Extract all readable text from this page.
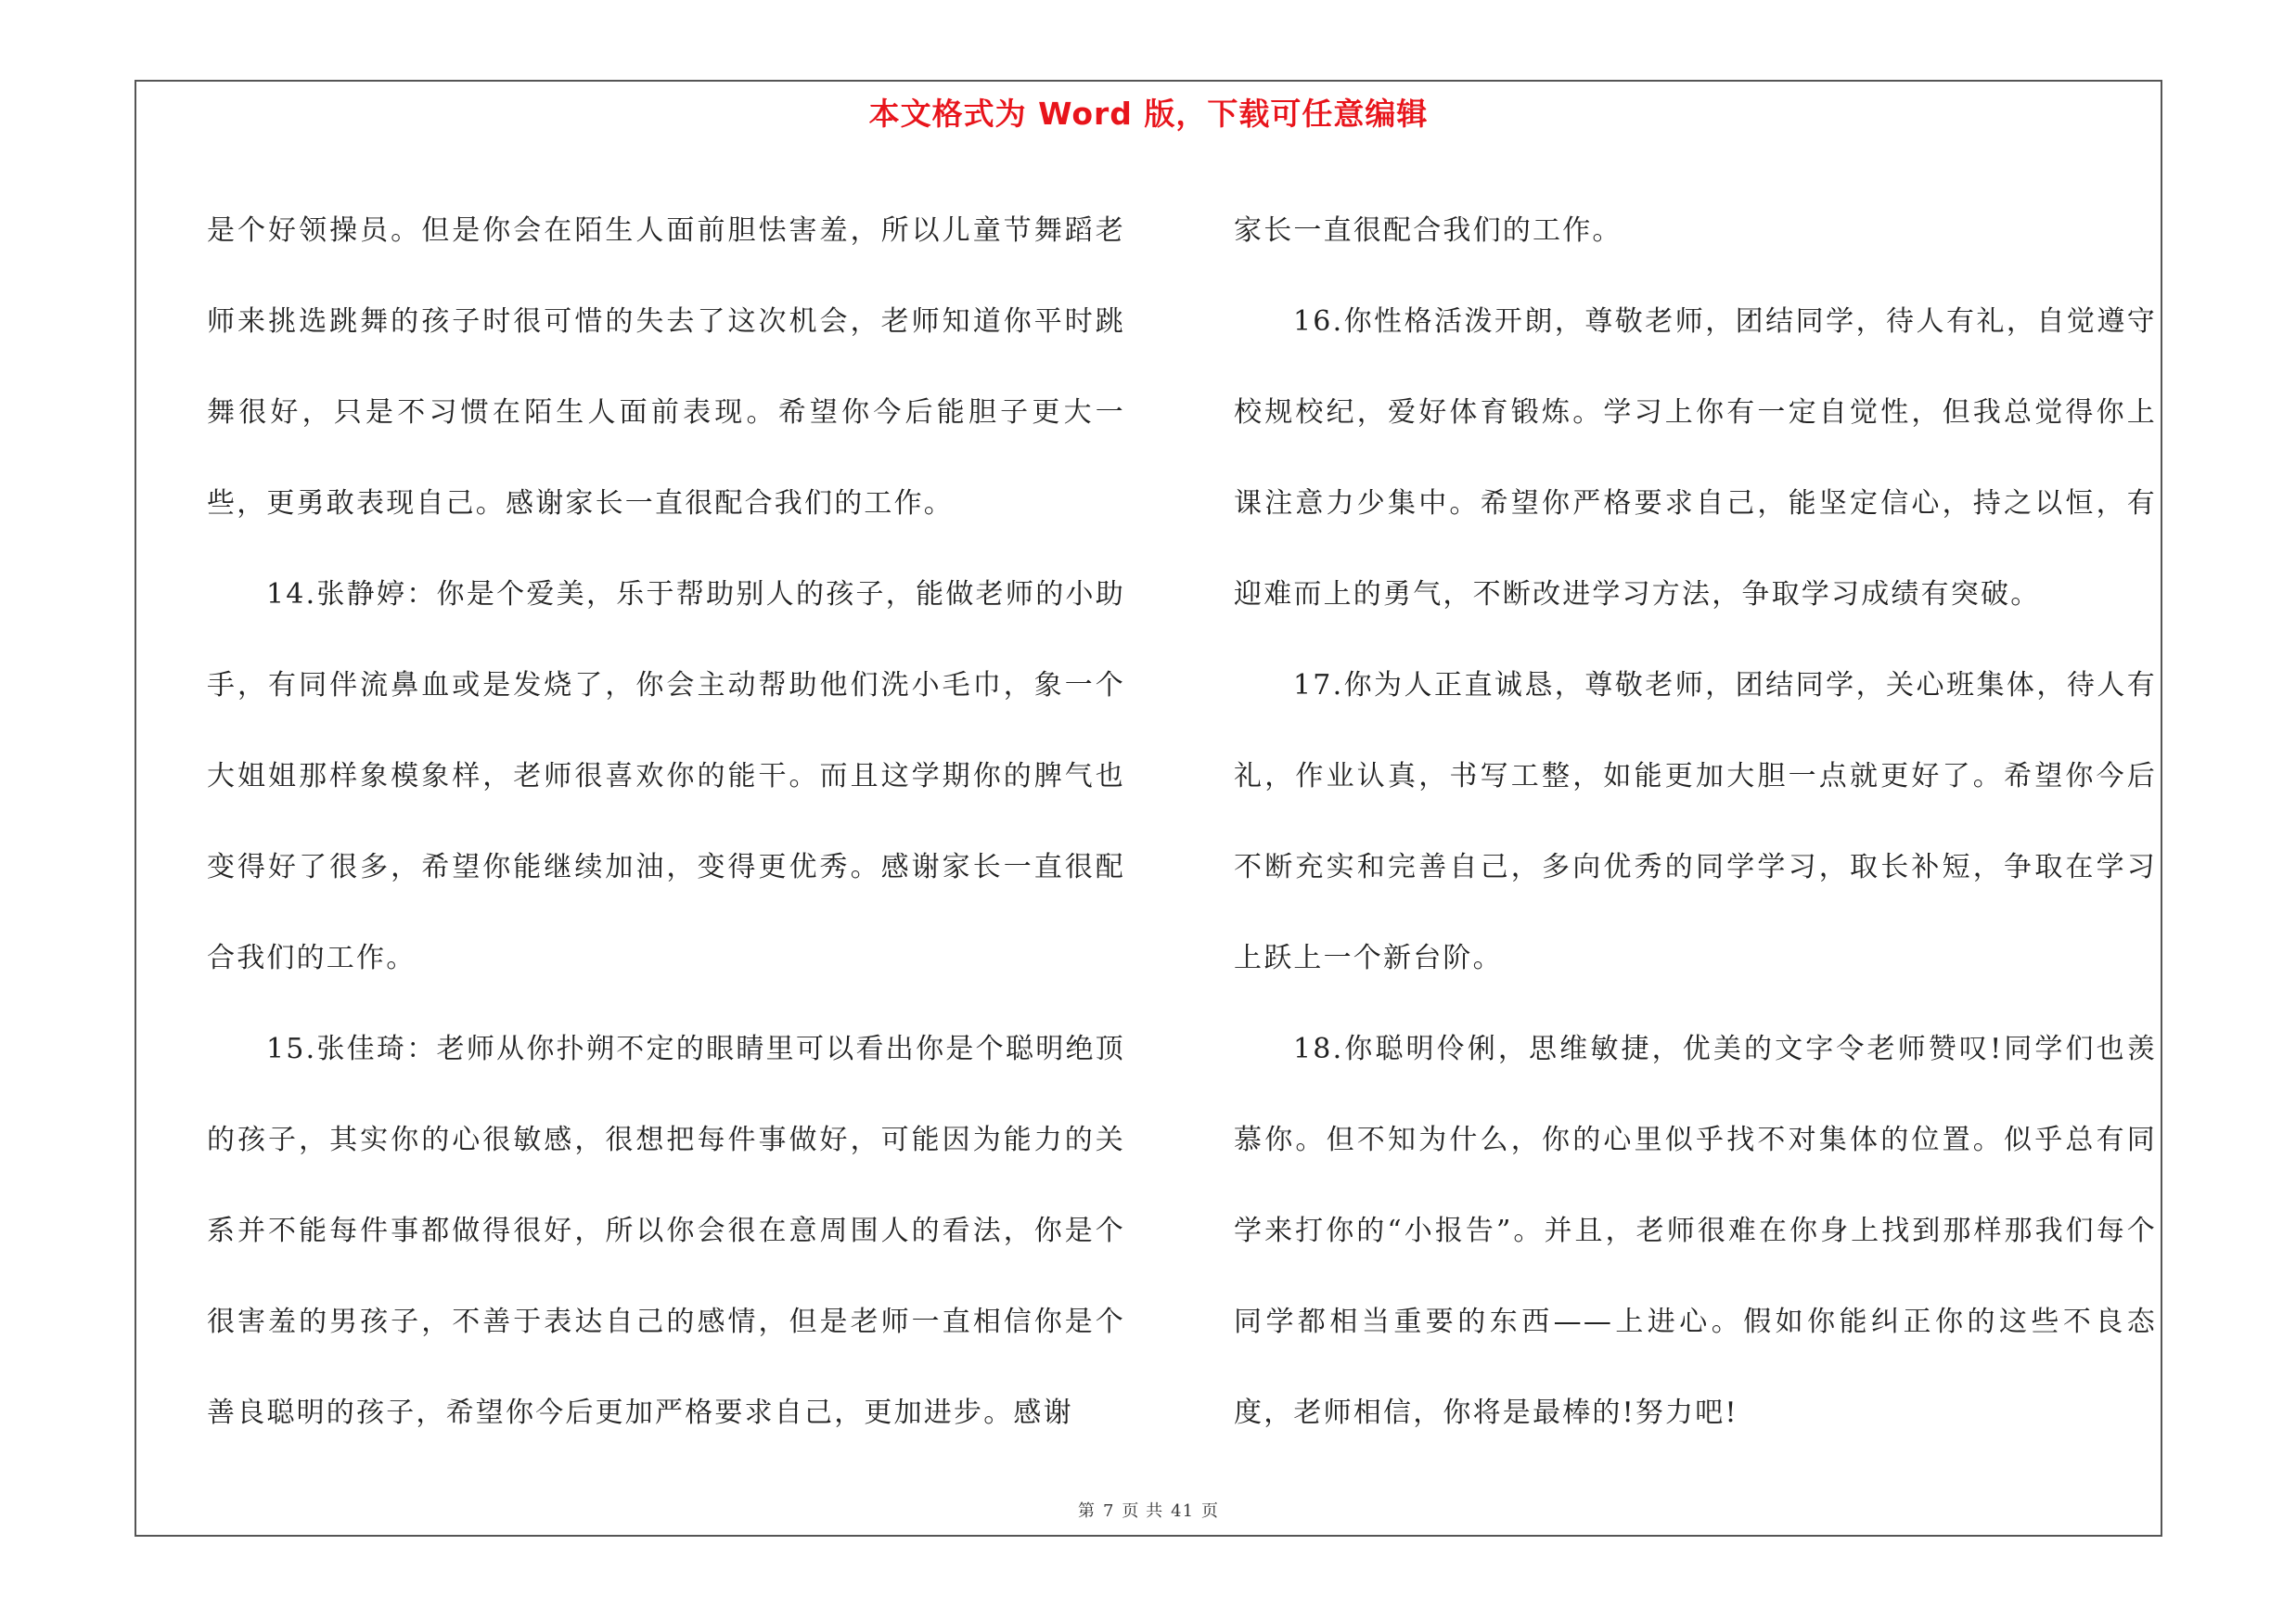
本文格式为 Word 版，下载可任意编辑

是个好领操员。但是你会在陌生人面前胆怯害羞，所以儿童节舞蹈老师来挑选跳舞的孩子时很可惜的失去了这次机会，老师知道你平时跳舞很好，只是不习惯在陌生人面前表现。希望你今后能胆子更大一些，更勇敢表现自己。感谢家长一直很配合我们的工作。

14.张静婷：你是个爱美，乐于帮助别人的孩子，能做老师的小助手，有同伴流鼻血或是发烧了，你会主动帮助他们洗小毛巾，象一个大姐姐那样象模象样，老师很喜欢你的能干。而且这学期你的脾气也变得好了很多，希望你能继续加油，变得更优秀。感谢家长一直很配合我们的工作。

15.张佳琦：老师从你扑朔不定的眼睛里可以看出你是个聪明绝顶的孩子，其实你的心很敏感，很想把每件事做好，可能因为能力的关系并不能每件事都做得很好，所以你会很在意周围人的看法，你是个很害羞的男孩子，不善于表达自己的感情，但是老师一直相信你是个善良聪明的孩子，希望你今后更加严格要求自己，更加进步。感谢

家长一直很配合我们的工作。

16.你性格活泼开朗，尊敬老师，团结同学，待人有礼，自觉遵守校规校纪，爱好体育锻炼。学习上你有一定自觉性，但我总觉得你上课注意力少集中。希望你严格要求自己，能坚定信心，持之以恒，有迎难而上的勇气，不断改进学习方法，争取学习成绩有突破。

17.你为人正直诚恳，尊敬老师，团结同学，关心班集体，待人有礼，作业认真，书写工整，如能更加大胆一点就更好了。希望你今后不断充实和完善自己，多向优秀的同学学习，取长补短，争取在学习上跃上一个新台阶。

18.你聪明伶俐，思维敏捷，优美的文字令老师赞叹!同学们也羡慕你。但不知为什么，你的心里似乎找不对集体的位置。似乎总有同学来打你的“小报告”。并且，老师很难在你身上找到那样那我们每个同学都相当重要的东西——上进心。假如你能纠正你的这些不良态度，老师相信，你将是最棒的!努力吧!

第 7 页 共 41 页
